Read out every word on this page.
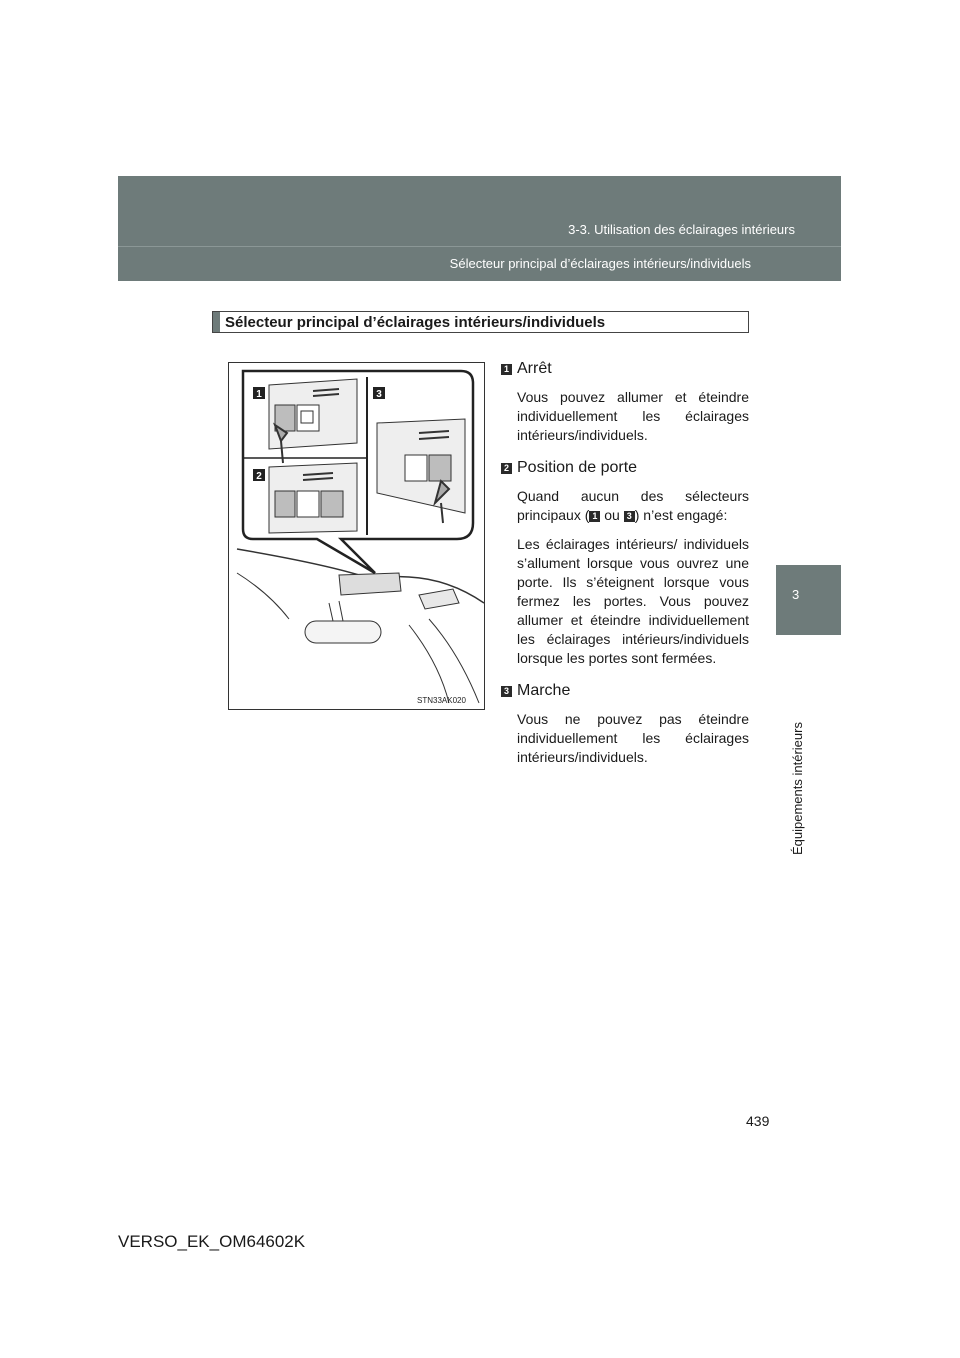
3-3. Utilisation des éclairages intérieurs
Sélecteur principal d’éclairages intérieurs/individuels
3
Équipements intérieurs
Sélecteur principal d’éclairages intérieurs/individuels
1
2
3
STN33AK020
1 Arrêt

Vous pouvez allumer et éteindre individuellement les éclairages intérieurs/individuels.

2 Position de porte

Quand aucun des sélecteurs principaux ( 1 ou 3 ) n’est engagé:

Les éclairages intérieurs/ individuels s’allument lorsque vous ouvrez une porte. Ils s’éteignent lorsque vous fermez les portes. Vous pouvez allumer et éteindre individuellement les éclairages intérieurs/individuels lorsque les portes sont fermées.

3 Marche

Vous ne pouvez pas éteindre individuellement les éclairages intérieurs/individuels.

439
VERSO_EK_OM64602K
